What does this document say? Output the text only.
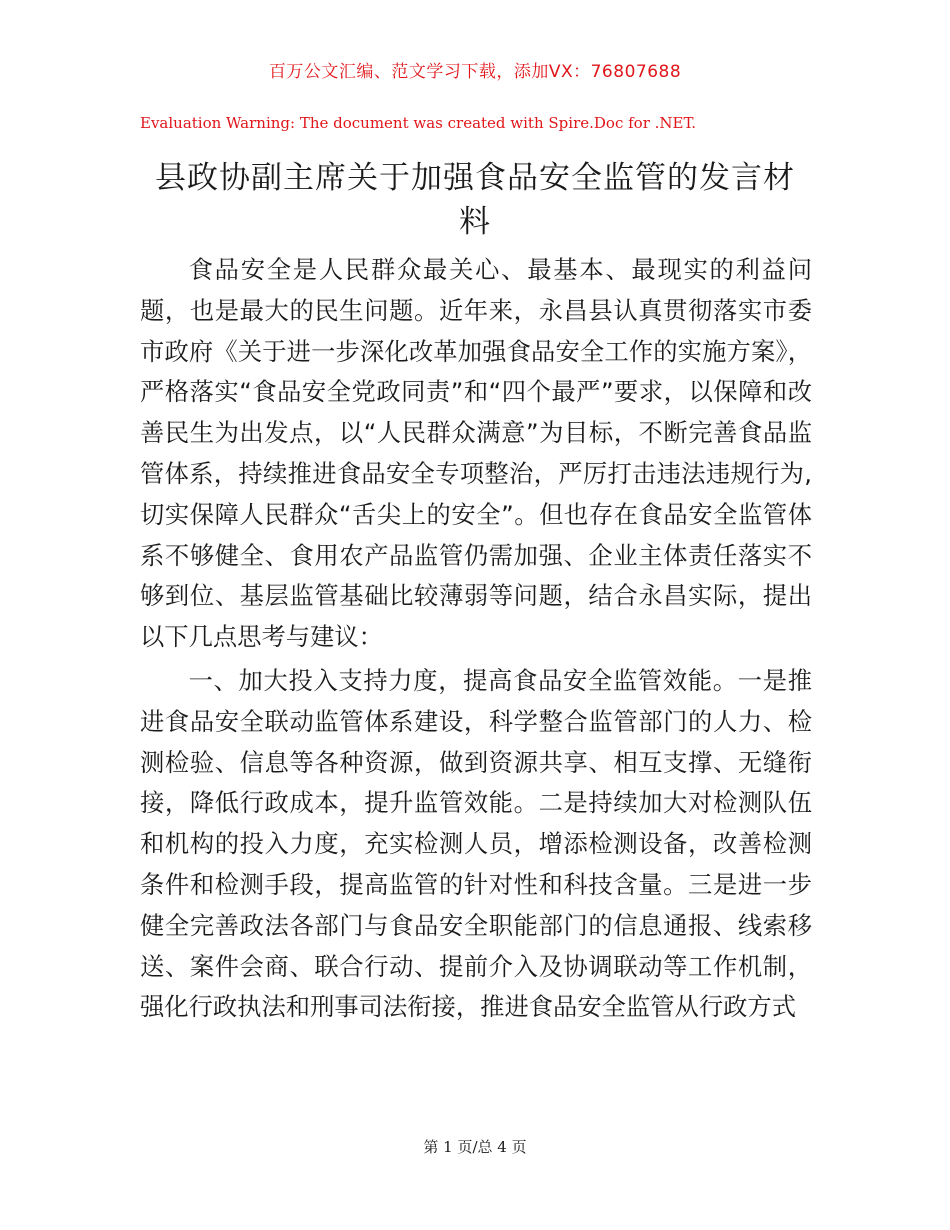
百万公文汇编、范文学习下载，添加VX：76807688
Evaluation Warning: The document was created with Spire.Doc for .NET.
县政协副主席关于加强食品安全监管的发言材料

食品安全是人民群众最关心、最基本、最现实的利益问题，也是最大的民生问题。近年来，永昌县认真贯彻落实市委市政府《关于进一步深化改革加强食品安全工作的实施方案》，严格落实“食品安全党政同责”和“四个最严”要求，以保障和改善民生为出发点，以“人民群众满意”为目标，不断完善食品监管体系，持续推进食品安全专项整治，严厉打击违法违规行为,切实保障人民群众“舌尖上的安全”。但也存在食品安全监管体系不够健全、食用农产品监管仍需加强、企业主体责任落实不够到位、基层监管基础比较薄弱等问题，结合永昌实际，提出以下几点思考与建议：

一、加大投入支持力度，提高食品安全监管效能。一是推进食品安全联动监管体系建设，科学整合监管部门的人力、检测检验、信息等各种资源，做到资源共享、相互支撑、无缝衔接，降低行政成本，提升监管效能。二是持续加大对检测队伍和机构的投入力度，充实检测人员，增添检测设备，改善检测条件和检测手段，提高监管的针对性和科技含量。三是进一步健全完善政法各部门与食品安全职能部门的信息通报、线索移送、案件会商、联合行动、提前介入及协调联动等工作机制，强化行政执法和刑事司法衔接，推进食品安全监管从行政方式

第 1 页/总 4 页
